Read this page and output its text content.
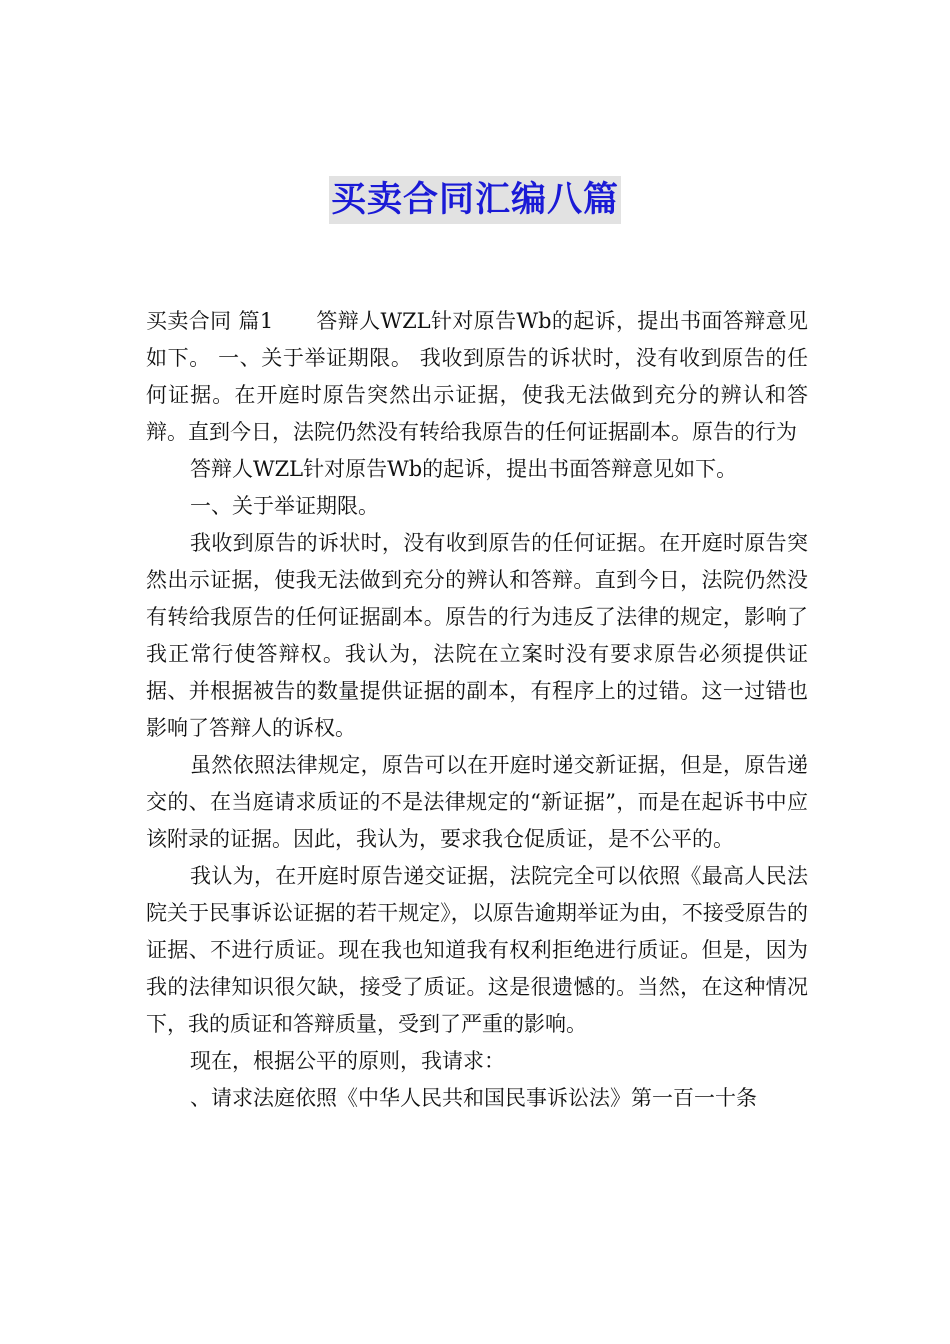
买卖合同汇编八篇

买卖合同 篇1　　答辩人WZL针对原告Wb的起诉，提出书面答辩意见如下。 一、关于举证期限。 我收到原告的诉状时，没有收到原告的任何证据。在开庭时原告突然出示证据，使我无法做到充分的辨认和答辩。直到今日，法院仍然没有转给我原告的任何证据副本。原告的行为

答辩人WZL针对原告Wb的起诉，提出书面答辩意见如下。

一、关于举证期限。

我收到原告的诉状时，没有收到原告的任何证据。在开庭时原告突然出示证据，使我无法做到充分的辨认和答辩。直到今日，法院仍然没有转给我原告的任何证据副本。原告的行为违反了法律的规定，影响了我正常行使答辩权。我认为，法院在立案时没有要求原告必须提供证据、并根据被告的数量提供证据的副本，有程序上的过错。这一过错也影响了答辩人的诉权。

虽然依照法律规定，原告可以在开庭时递交新证据，但是，原告递交的、在当庭请求质证的不是法律规定的“新证据”，而是在起诉书中应该附录的证据。因此，我认为，要求我仓促质证，是不公平的。

我认为，在开庭时原告递交证据，法院完全可以依照《最高人民法院关于民事诉讼证据的若干规定》，以原告逾期举证为由，不接受原告的证据、不进行质证。现在我也知道我有权利拒绝进行质证。但是，因为我的法律知识很欠缺，接受了质证。这是很遗憾的。当然，在这种情况下，我的质证和答辩质量，受到了严重的影响。

现在，根据公平的原则，我请求：

、请求法庭依照《中华人民共和国民事诉讼法》第一百一十条
